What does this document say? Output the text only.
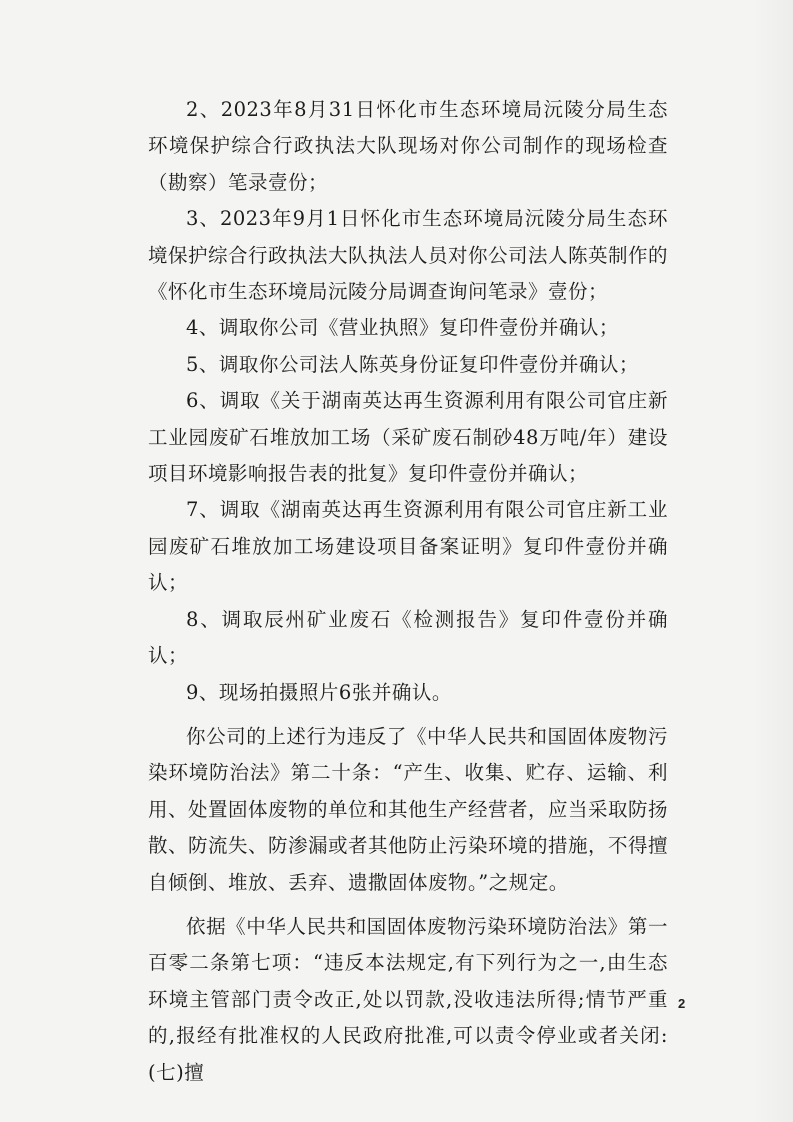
2、2023年8月31日怀化市生态环境局沅陵分局生态环境保护综合行政执法大队现场对你公司制作的现场检查（勘察）笔录壹份；

3、2023年9月1日怀化市生态环境局沅陵分局生态环境保护综合行政执法大队执法人员对你公司法人陈英制作的《怀化市生态环境局沅陵分局调查询问笔录》壹份；

4、调取你公司《营业执照》复印件壹份并确认；

5、调取你公司法人陈英身份证复印件壹份并确认；

6、调取《关于湖南英达再生资源利用有限公司官庄新工业园废矿石堆放加工场（采矿废石制砂48万吨/年）建设项目环境影响报告表的批复》复印件壹份并确认；

7、调取《湖南英达再生资源利用有限公司官庄新工业园废矿石堆放加工场建设项目备案证明》复印件壹份并确认；

8、调取辰州矿业废石《检测报告》复印件壹份并确认；

9、现场拍摄照片6张并确认。

你公司的上述行为违反了《中华人民共和国固体废物污染环境防治法》第二十条：“产生、收集、贮存、运输、利用、处置固体废物的单位和其他生产经营者，应当采取防扬散、防流失、防渗漏或者其他防止污染环境的措施，不得擅自倾倒、堆放、丢弃、遗撒固体废物。”之规定。

依据《中华人民共和国固体废物污染环境防治法》第一百零二条第七项：“违反本法规定,有下列行为之一,由生态环境主管部门责令改正,处以罚款,没收违法所得;情节严重的,报经有批准权的人民政府批准,可以责令停业或者关闭:(七)擅

2
